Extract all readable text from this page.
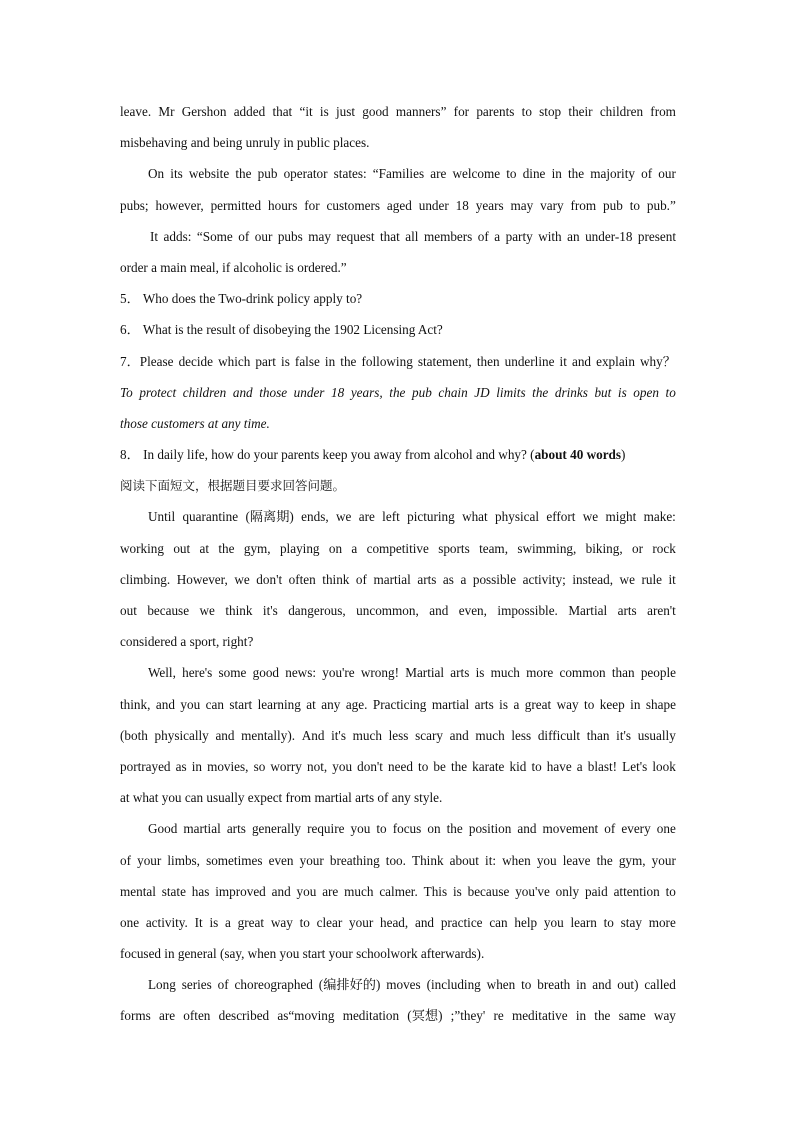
leave. Mr Gershon added that “it is just good manners” for parents to stop their children from
misbehaving and being unruly in public places.
On its website the pub operator states: “Families are welcome to dine in the majority of our
pubs; however, permitted hours for customers aged under 18 years may vary from pub to pub.”
It adds: “Some of our pubs may request that all members of a party with an under-18 present
order a main meal, if alcoholic is ordered.”
5． Who does the Two-drink policy apply to?
6． What is the result of disobeying the 1902 Licensing Act?
7．Please decide which part is false in the following statement, then underline it and explain why？
To protect children and those under 18 years, the pub chain JD limits the drinks but is open to
those customers at any time.
8． In daily life, how do your parents keep you away from alcohol and why? ( about 40 words )
阅读下面短文，根据题目要求回答问题。
Until quarantine (隔离期) ends, we are left picturing what physical effort we might make:
working out at the gym, playing on a competitive sports team, swimming, biking, or rock
climbing. However, we don't often think of martial arts as a possible activity; instead, we rule it
out because we think it's dangerous, uncommon, and even, impossible. Martial arts aren't
considered a sport, right?
Well, here's some good news: you're wrong! Martial arts is much more common than people
think, and you can start learning at any age. Practicing martial arts is a great way to keep in shape
(both physically and mentally). And it's much less scary and much less difficult than it's usually
portrayed as in movies, so worry not, you don't need to be the karate kid to have a blast! Let's look
at what you can usually expect from martial arts of any style.
Good martial arts generally require you to focus on the position and movement of every one
of your limbs, sometimes even your breathing too. Think about it: when you leave the gym, your
mental state has improved and you are much calmer. This is because you've only paid attention to
one activity. It is a great way to clear your head, and practice can help you learn to stay more
focused in general (say, when you start your schoolwork afterwards).
Long series of choreographed (编排好的) moves (including when to breath in and out) called
forms are often described as“moving meditation (冥想) ;”they' re meditative in the same way
